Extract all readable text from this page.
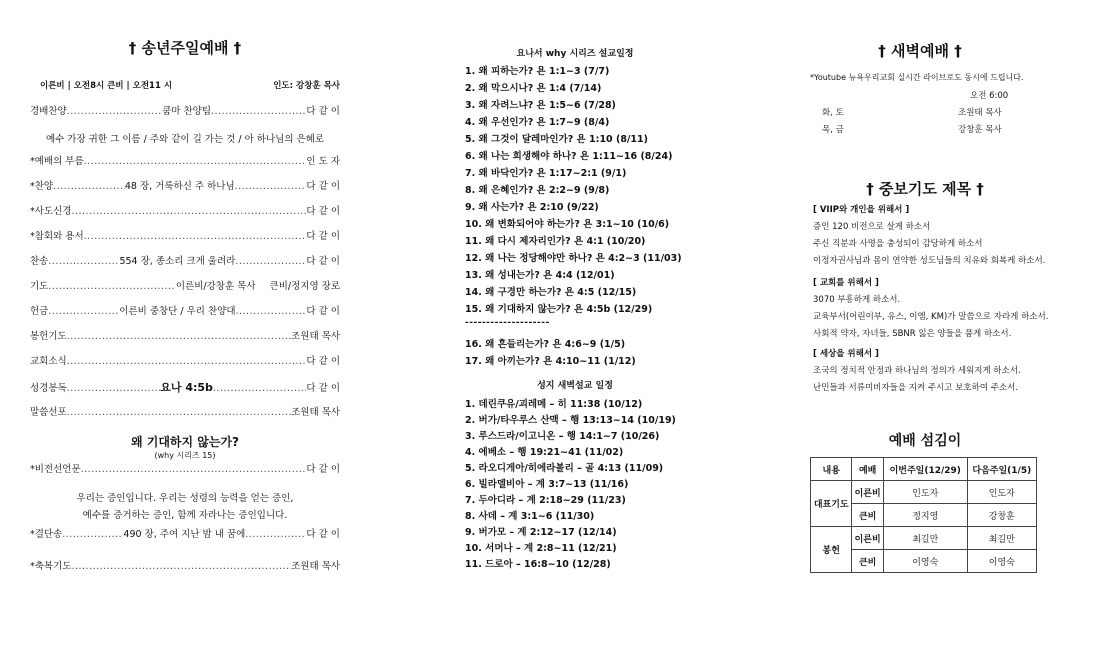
† 송년주일예배 †
이른비 | 오전8시 큰비 | 오전11 시	인도: 강창훈 목사
경배찬양 .....	쿰마 찬양팀 .....	다 같 이
예수 가장 귀한 그 이름 / 주와 같이 길 가는 것 / 아 하나님의 은혜로
*예배의 부름 .....	인 도 자
*찬양 .....	48 장, 거룩하신 주 하나님 .....	다 같 이
*사도신경 .....	다 같 이
*참회와 용서 .....	다 같 이
찬송 .....	554 장, 종소리 크게 울려라 .....	다 같 이
기도 .....	이른비/강창훈 목사 큰비/정지영 장로
헌금 .....	이른비 중창단 / 우리 찬양대 .....	다 같 이
봉헌기도 .....	조원태 목사
교회소식 .....	다 같 이
성경봉독 .....	요나 4:5b .....	다 같 이
말씀선포 .....	조원태 목사
왜 기대하지 않는가?
(why 시리즈 15)
*비전선언문 .....	다 같 이
우리는 증인입니다. 우리는 성령의 능력을 얻는 증인,
예수를 증거하는 증인, 함께 자라나는 증인입니다.
*결단송 .....	490 장, 주여 지난 밤 내 꿈에 .....	다 같 이
*축복기도 .....	조원태 목사
요나서 why 시리즈 설교일정
1. 왜 피하는가? 욘 1:1~3 (7/7)
2. 왜 막으시나? 욘 1:4 (7/14)
3. 왜 자려느냐? 욘 1:5~6 (7/28)
4. 왜 우선인가? 욘 1:7~9 (8/4)
5. 왜 그것이 달레마인가? 욘 1:10 (8/11)
6. 왜 나는 희생해야 하나? 욘 1:11~16 (8/24)
7. 왜 바닥인가? 욘 1:17~2:1 (9/1)
8. 왜 은혜인가? 욘 2:2~9 (9/8)
9. 왜 사는가? 욘 2:10 (9/22)
10. 왜 변화되어야 하는가? 욘 3:1~10 (10/6)
11. 왜 다시 제자리인가? 욘 4:1 (10/20)
12. 왜 나는 정당해야만 하나? 욘 4:2~3 (11/03)
13. 왜 성내는가? 욘 4:4 (12/01)
14. 왜 구경만 하는가? 욘 4:5 (12/15)
15. 왜 기대하지 않는가? 욘 4:5b (12/29)
--------------------
16. 왜 흔들리는가? 욘 4:6~9 (1/5)
17. 왜 아끼는가? 욘 4:10~11 (1/12)
성지 새벽설교 일정
1. 데린쿠유/괴레메 – 히 11:38 (10/12)
2. 버가/타우루스 산맥 – 행 13:13~14 (10/19)
3. 루스드라/이고니온 – 행 14:1~7 (10/26)
4. 에베소 – 행 19:21~41 (11/02)
5. 라오디게아/히에라볼리 – 골 4:13 (11/09)
6. 빌라델비아 – 계 3:7~13 (11/16)
7. 두아디라 – 계 2:18~29 (11/23)
8. 사데 – 계 3:1~6 (11/30)
9. 버가모 – 계 2:12~17 (12/14)
10. 서머나 – 계 2:8~11 (12/21)
11. 드로아 – 16:8~10 (12/28)
† 새벽예배 †
*Youtube 뉴욕우리교회 실시간 라이브로도 동시에 드립니다.
오전 6:00
화, 토	조원태 목사
목, 금	강창훈 목사
† 중보기도 제목 †
[ VIIP와 개인을 위해서 ]
증인 120 비전으로 살게 하소서
주신 직분과 사명을 충성되이 감당하게 하소서
이정자권사님과 몸이 연약한 성도님들의 치유와 회복케 하소서.
[ 교회를 위해서 ]
3070 부흥하게 하소서.
교육부서(어린이부, 유스, 이엠, KM)가 말씀으로 자라게 하소서.
사회적 약자, 자녀들, SBNR 잃은 양들을 품게 하소서.
[ 세상을 위해서 ]
조국의 정치적 안정과 하나님의 정의가 세워지게 하소서.
난민들과 서류미비자들을 지켜 주시고 보호하여 주소서.
예배 섬김이
내용	예배	이번주일(12/29)	다음주일(1/5)
대표기도	이른비	인도자	인도자
	큰비	정지영	강창훈
봉헌	이른비	최길만	최길만
	큰비	이영숙	이영숙
